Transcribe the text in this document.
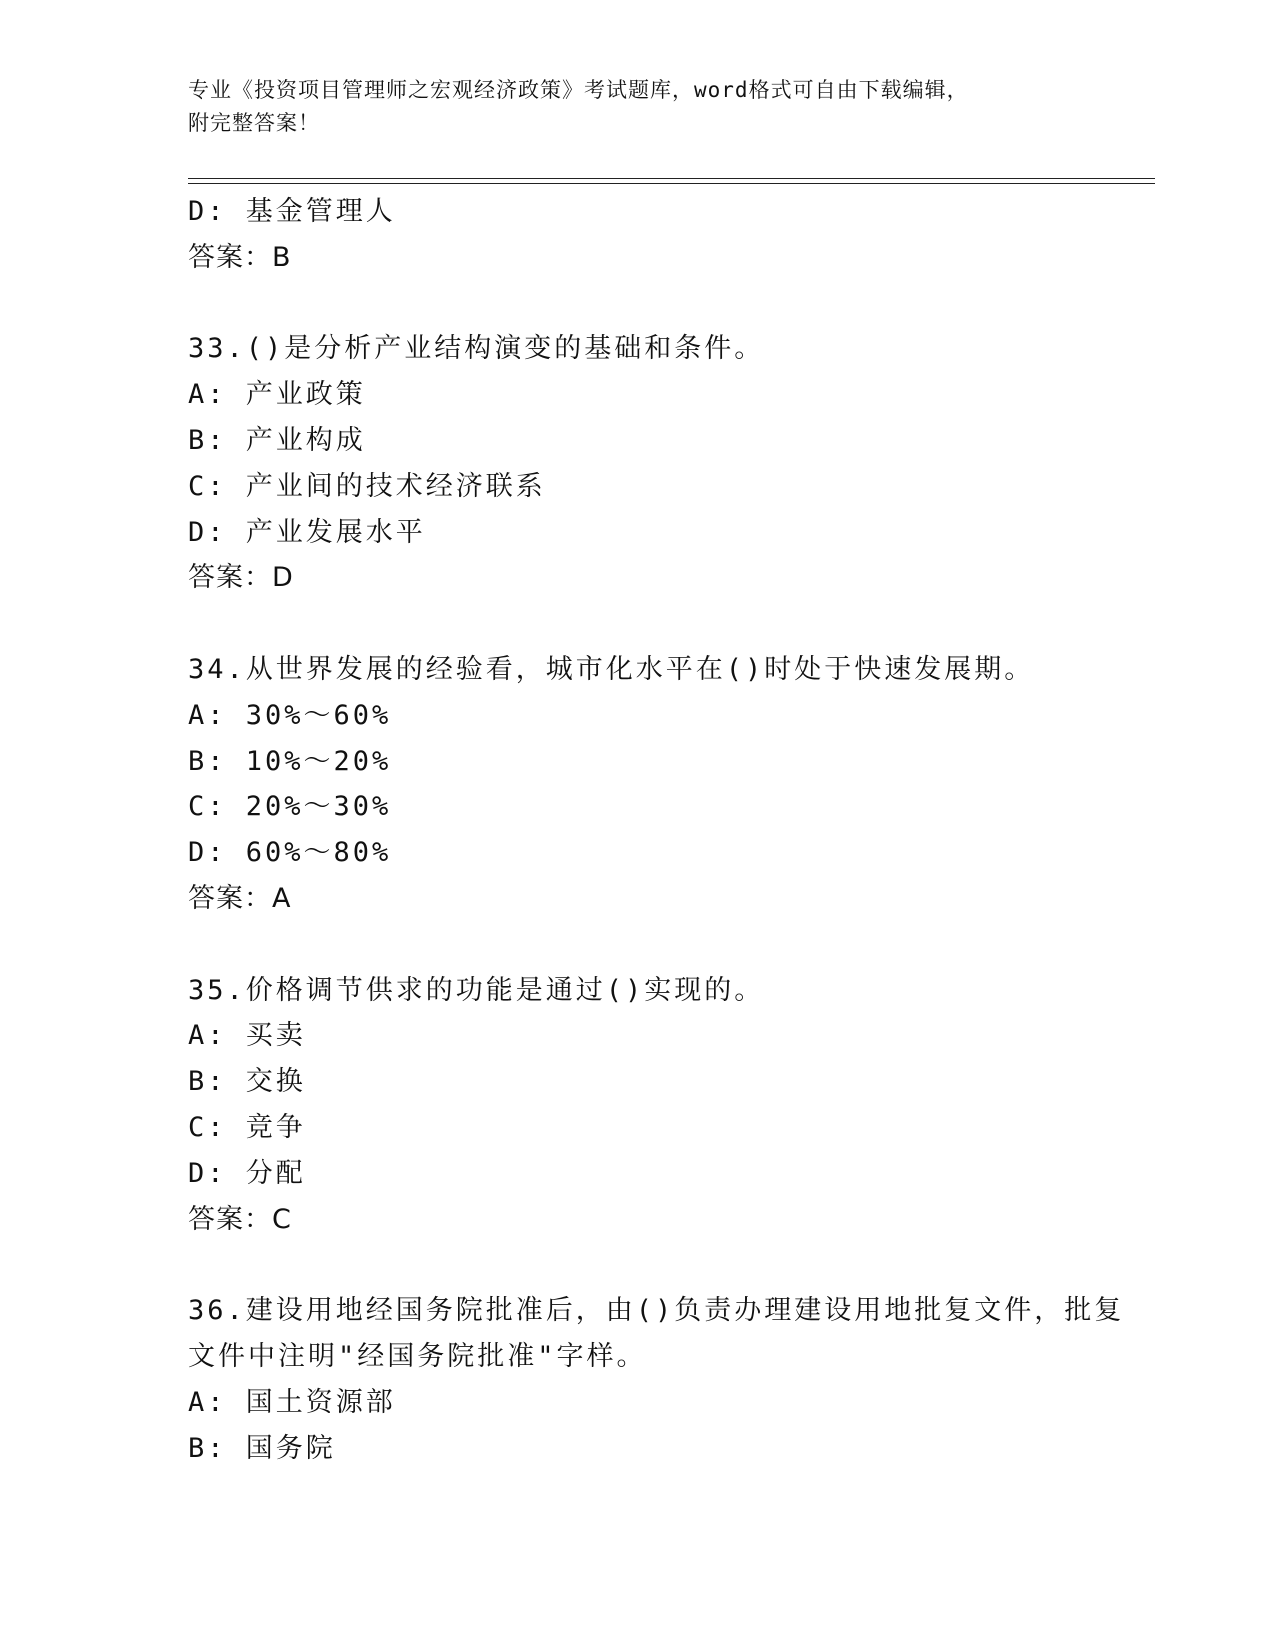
专业《投资项目管理师之宏观经济政策》考试题库，word格式可自由下载编辑，
附完整答案！
D: 基金管理人
答案：B
33.()是分析产业结构演变的基础和条件。
A: 产业政策
B: 产业构成
C: 产业间的技术经济联系
D: 产业发展水平
答案：D
34.从世界发展的经验看，城市化水平在()时处于快速发展期。
A: 30%～60%
B: 10%～20%
C: 20%～30%
D: 60%～80%
答案：A
35.价格调节供求的功能是通过()实现的。
A: 买卖
B: 交换
C: 竞争
D: 分配
答案：C
36.建设用地经国务院批准后，由()负责办理建设用地批复文件，批复
文件中注明"经国务院批准"字样。
A: 国土资源部
B: 国务院
